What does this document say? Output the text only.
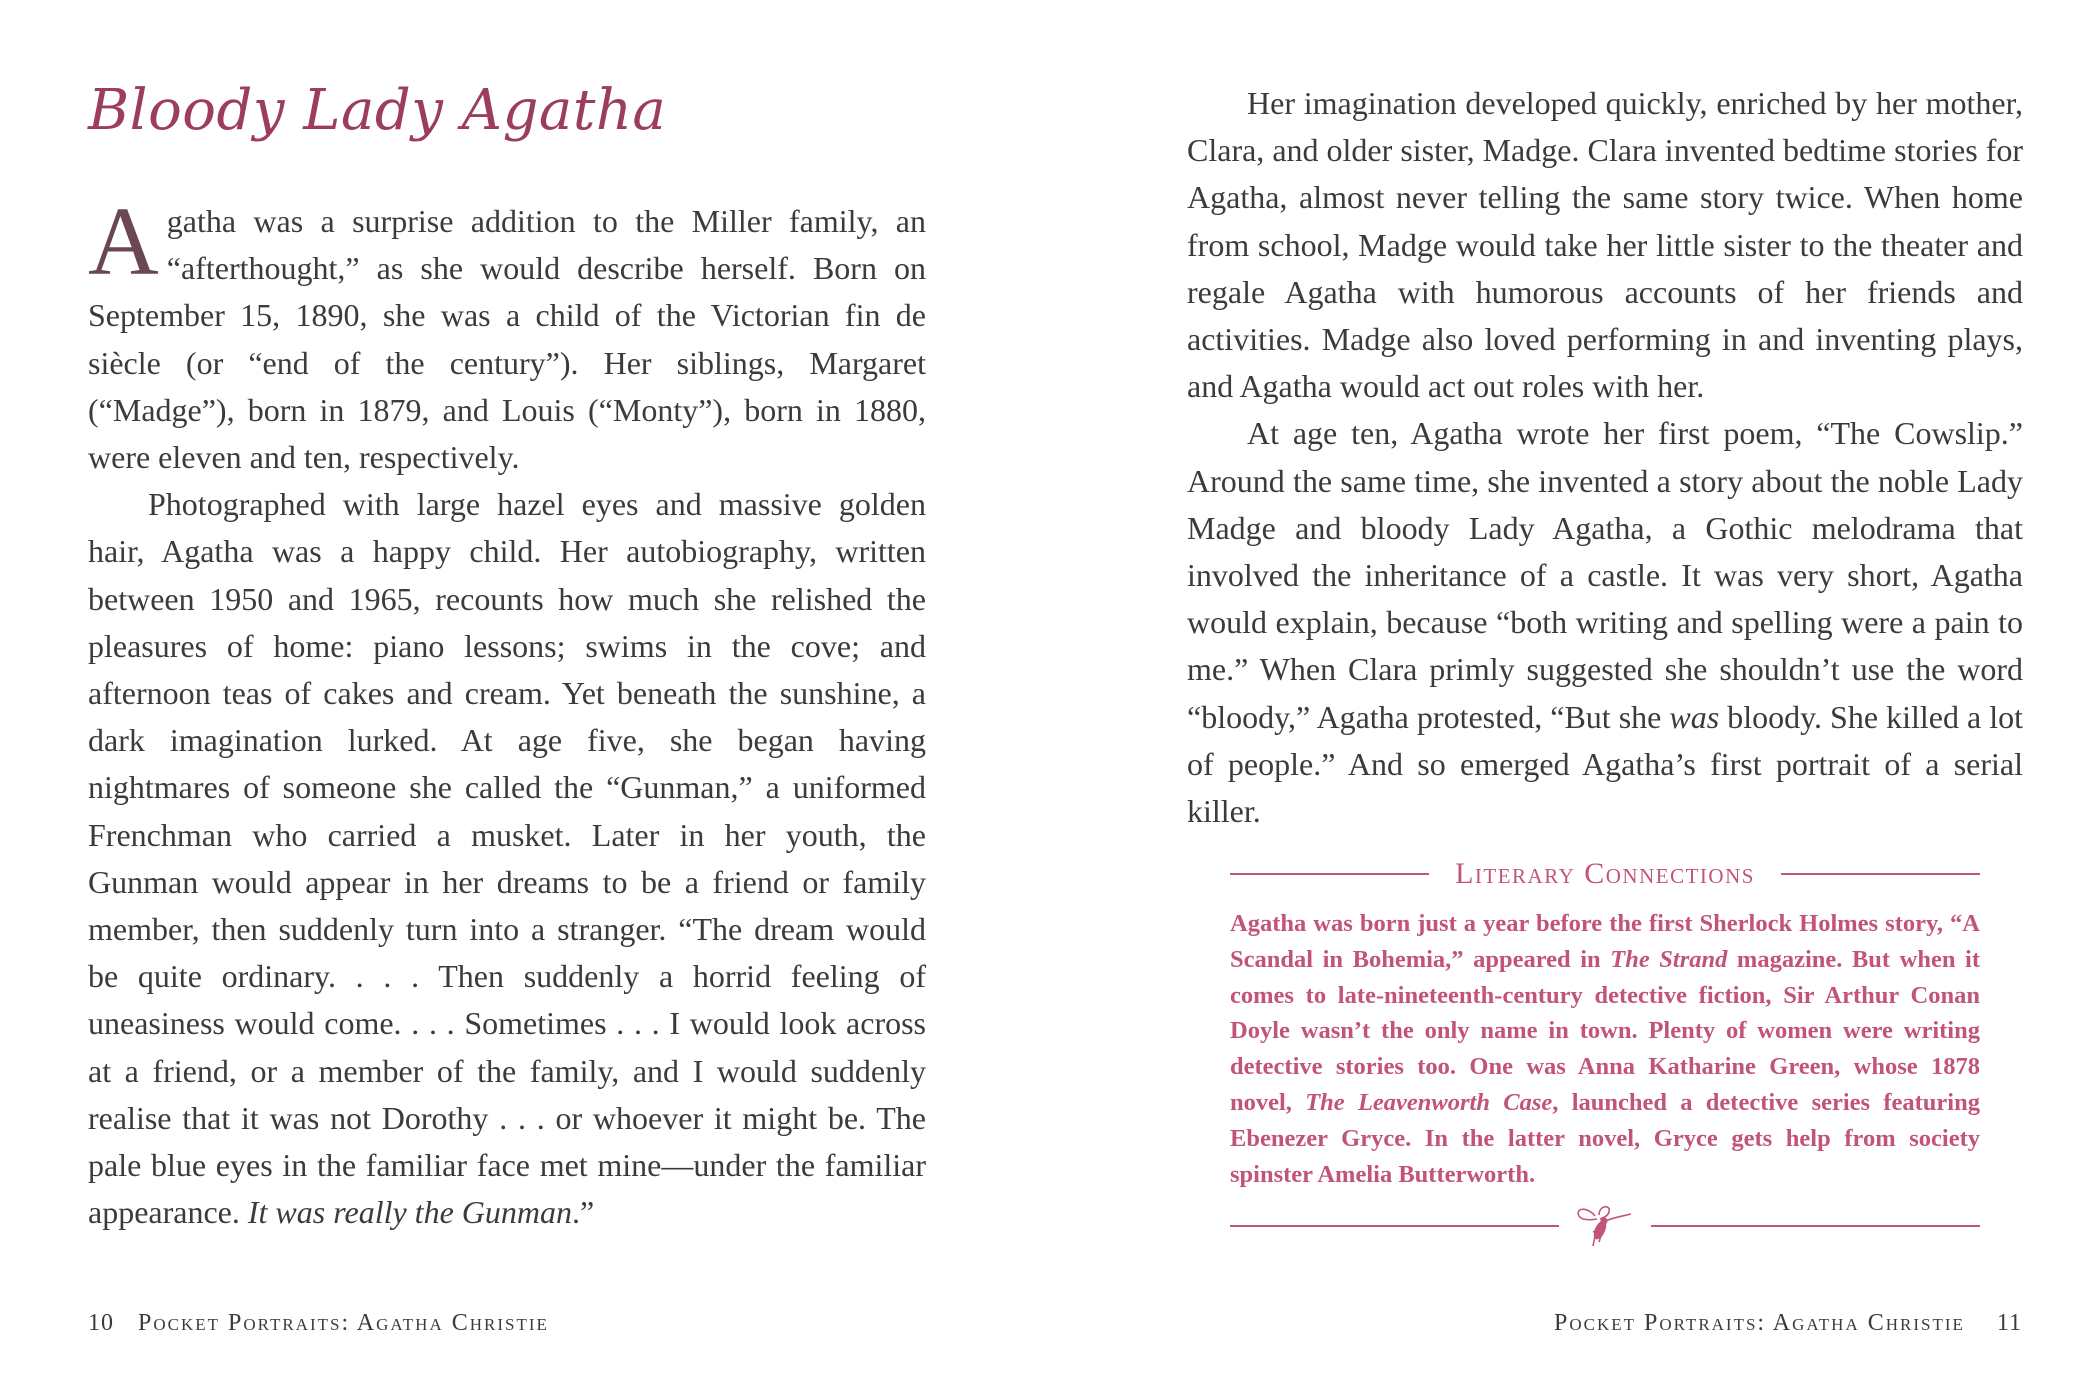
Bloody Lady Agatha

Agatha was a surprise addition to the Miller family, an “afterthought,” as she would describe herself. Born on September 15, 1890, she was a child of the Victorian fin de siècle (or “end of the century”). Her siblings, Margaret (“Madge”), born in 1879, and Louis (“Monty”), born in 1880, were eleven and ten, respectively.

Photographed with large hazel eyes and massive golden hair, Agatha was a happy child. Her autobiography, written between 1950 and 1965, recounts how much she relished the pleasures of home: piano lessons; swims in the cove; and afternoon teas of cakes and cream. Yet beneath the sunshine, a dark imagination lurked. At age five, she began having nightmares of someone she called the “Gunman,” a uniformed Frenchman who carried a musket. Later in her youth, the Gunman would appear in her dreams to be a friend or family member, then suddenly turn into a stranger. “The dream would be quite ordinary. . . . Then suddenly a horrid feeling of uneasiness would come. . . . Sometimes . . . I would look across at a friend, or a member of the family, and I would suddenly realise that it was not Dorothy . . . or whoever it might be. The pale blue eyes in the familiar face met mine—under the familiar appearance. It was really the Gunman.”

10 Pocket Portraits: Agatha Christie

Her imagination developed quickly, enriched by her mother, Clara, and older sister, Madge. Clara invented bedtime stories for Agatha, almost never telling the same story twice. When home from school, Madge would take her little sister to the theater and regale Agatha with humorous accounts of her friends and activities. Madge also loved performing in and inventing plays, and Agatha would act out roles with her.

At age ten, Agatha wrote her first poem, “The Cowslip.” Around the same time, she invented a story about the noble Lady Madge and bloody Lady Agatha, a Gothic melodrama that involved the inheritance of a castle. It was very short, Agatha would explain, because “both writing and spelling were a pain to me.” When Clara primly suggested she shouldn’t use the word “bloody,” Agatha protested, “But she was bloody. She killed a lot of people.” And so emerged Agatha’s first portrait of a serial killer.

Literary Connections
Agatha was born just a year before the first Sherlock Holmes story, “A Scandal in Bohemia,” appeared in The Strand magazine. But when it comes to late-nineteenth-century detective fiction, Sir Arthur Conan Doyle wasn’t the only name in town. Plenty of women were writing detective stories too. One was Anna Katharine Green, whose 1878 novel, The Leavenworth Case, launched a detective series featuring Ebenezer Gryce. In the latter novel, Gryce gets help from society spinster Amelia Butterworth.
Pocket Portraits: Agatha Christie 11
